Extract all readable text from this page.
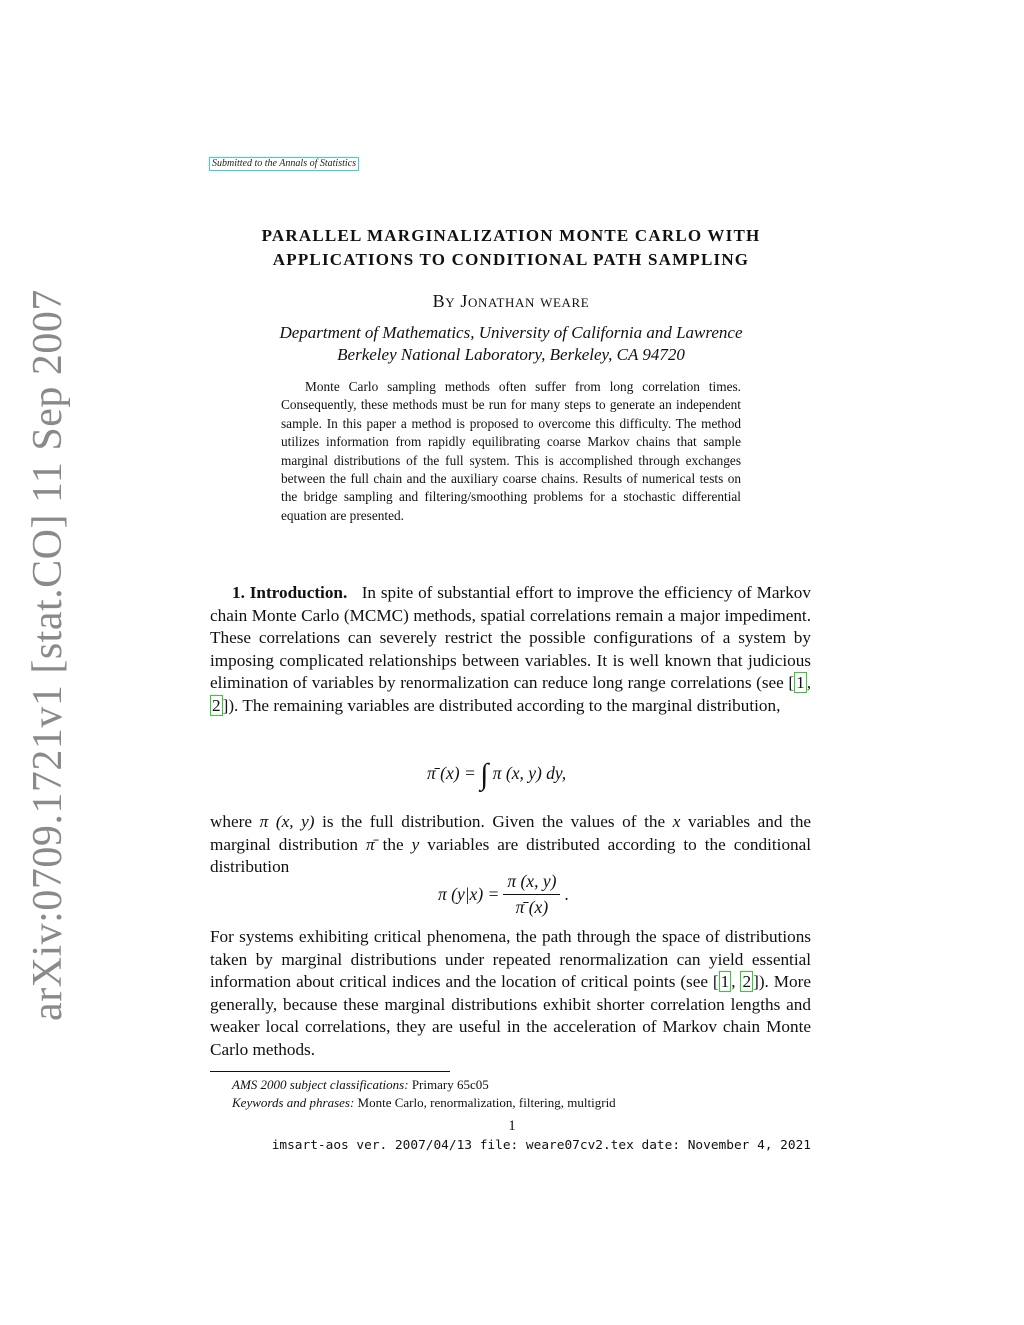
arXiv:0709.1721v1 [stat.CO] 11 Sep 2007
Submitted to the Annals of Statistics
PARALLEL MARGINALIZATION MONTE CARLO WITH
APPLICATIONS TO CONDITIONAL PATH SAMPLING
By Jonathan weare
Department of Mathematics, University of California and Lawrence
Berkeley National Laboratory, Berkeley, CA 94720

Monte Carlo sampling methods often suffer from long correlation times. Consequently, these methods must be run for many steps to generate an independent sample. In this paper a method is proposed to overcome this difficulty. The method utilizes information from rapidly equilibrating coarse Markov chains that sample marginal distributions of the full system. This is accomplished through exchanges between the full chain and the auxiliary coarse chains. Results of numerical tests on the bridge sampling and filtering/smoothing problems for a stochastic differential equation are presented.

1. Introduction. In spite of substantial effort to improve the efficiency of Markov chain Monte Carlo (MCMC) methods, spatial correlations remain a major impediment. These correlations can severely restrict the possible configurations of a system by imposing complicated relationships between variables. It is well known that judicious elimination of variables by renormalization can reduce long range correlations (see [ 1 , 2 ]). The remaining variables are distributed according to the marginal distribution,

π̄ (x) = ∫ π (x, y) dy,

where π (x, y) is the full distribution. Given the values of the x variables and the marginal distribution π̄ the y variables are distributed according to the conditional distribution

π $(y|x) = \frac{\pi (x, y)}{\pī (x)}$ .

For systems exhibiting critical phenomena, the path through the space of distributions taken by marginal distributions under repeated renormalization can yield essential information about critical indices and the location of critical points (see [ 1 , 2 ]). More generally, because these marginal distributions exhibit shorter correlation lengths and weaker local correlations, they are useful in the acceleration of Markov chain Monte Carlo methods.

AMS 2000 subject classifications: Primary 65c05
Keywords and phrases: Monte Carlo, renormalization, filtering, multigrid
1
imsart-aos ver. 2007/04/13 file: weare07cv2.tex date: November 4, 2021
